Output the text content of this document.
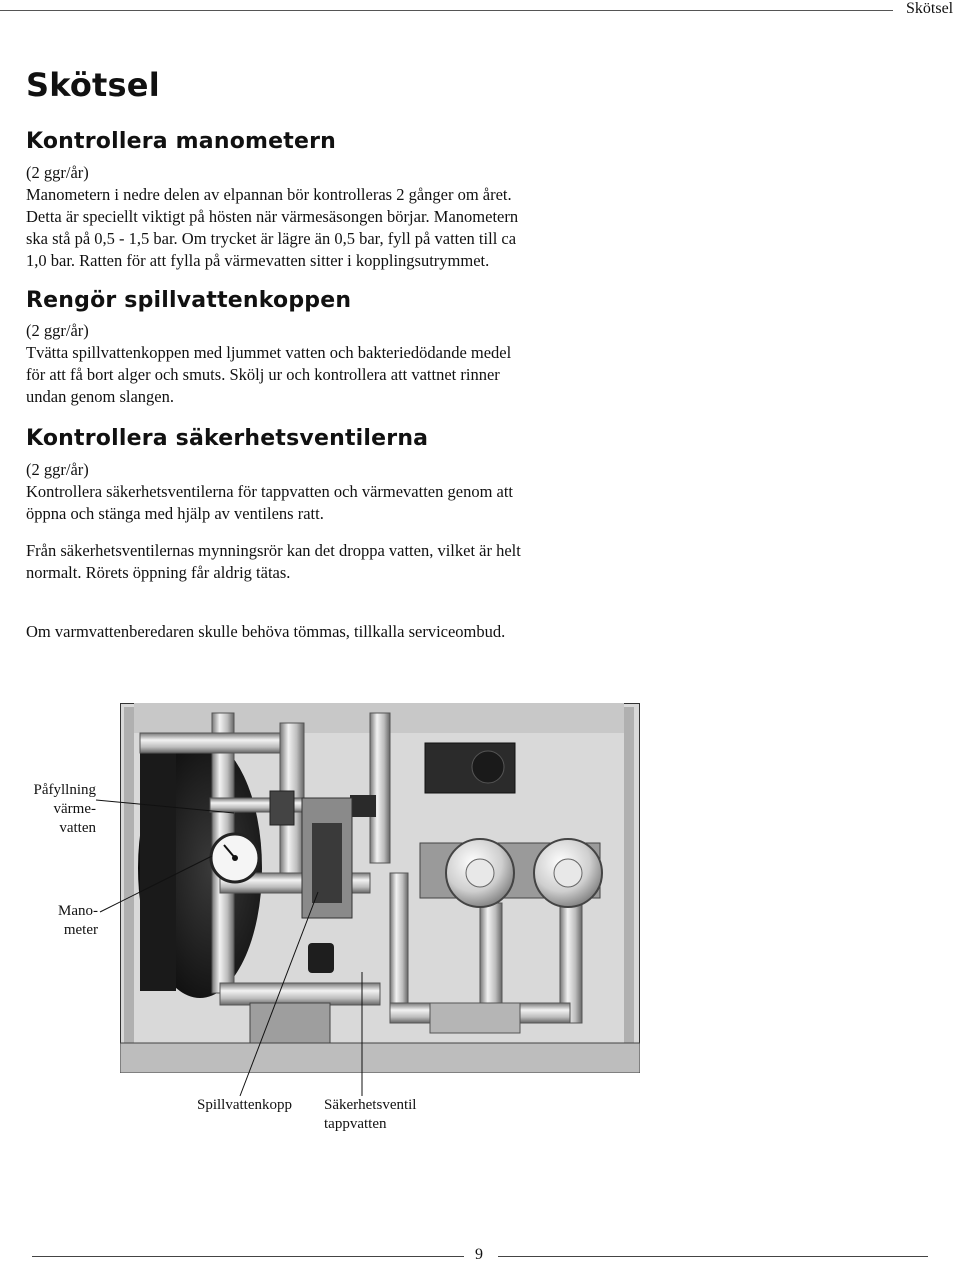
Skötsel
Skötsel
Kontrollera manometern

(2 ggr/år)
Manometern i nedre delen av elpannan bör kontrolleras 2 gånger om året.
Detta är speciellt viktigt på hösten när värmesäsongen börjar. Manometern
ska stå på 0,5 - 1,5 bar. Om trycket är lägre än 0,5 bar, fyll på vatten till ca
1,0 bar. Ratten för att fylla på värmevatten sitter i kopplingsutrymmet.

Rengör spillvattenkoppen

(2 ggr/år)
Tvätta spillvattenkoppen med ljummet vatten och bakteriedödande medel
för att få bort alger och smuts. Skölj ur och kontrollera att vattnet rinner
undan genom slangen.

Kontrollera säkerhetsventilerna

(2 ggr/år)
Kontrollera säkerhetsventilerna för tappvatten och värmevatten genom att
öppna och stänga med hjälp av ventilens ratt.

Från säkerhetsventilernas mynningsrör kan det droppa vatten, vilket är helt
normalt. Rörets öppning får aldrig tätas.

Om varmvattenberedaren skulle behöva tömmas, tillkalla serviceombud.

Påfyllning
värme-
vatten
Mano-
meter
Spillvattenkopp Säkerhetsventil
tappvatten
9
